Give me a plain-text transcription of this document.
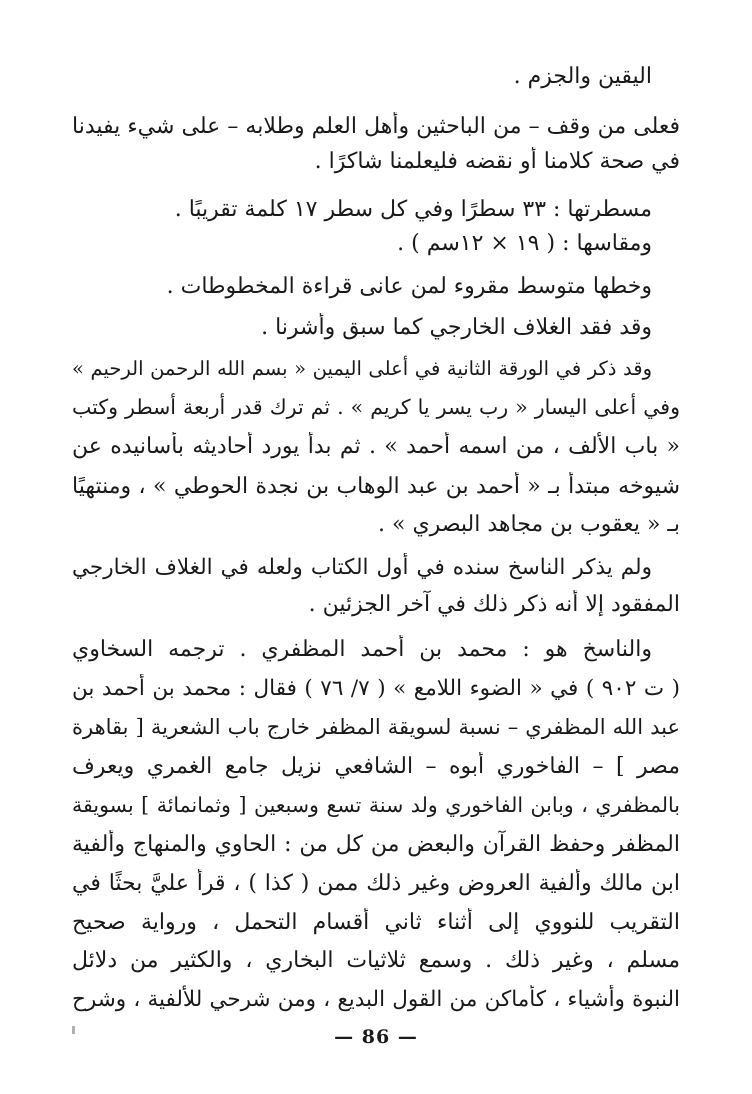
اليقين والجزم .
فعلى من وقف – من الباحثين وأهل العلم وطلابه – على شيء يفيدنا
في صحة كلامنا أو نقضه فليعلمنا شاكرًا .
مسطرتها : ٣٣ سطرًا وفي كل سطر ١٧ كلمة تقريبًا .
ومقاسها : ( ١٩ × ١٢سم ) .
وخطها متوسط مقروء لمن عانى قراءة المخطوطات .
وقد فقد الغلاف الخارجي كما سبق وأشرنا .
وقد ذكر في الورقة الثانية في أعلى اليمين « بسم الله الرحمن الرحيم »
وفي أعلى اليسار « رب يسر يا كريم » . ثم ترك قدر أربعة أسطر وكتب
« باب الألف ، من اسمه أحمد » . ثم بدأ يورد أحاديثه بأسانيده عن
شيوخه مبتدأ بـ « أحمد بن عبد الوهاب بن نجدة الحوطي » ، ومنتهيًا
بـ « يعقوب بن مجاهد البصري » .
ولم يذكر الناسخ سنده في أول الكتاب ولعله في الغلاف الخارجي
المفقود إلا أنه ذكر ذلك في آخر الجزئين .
والناسخ هو : محمد بن أحمد المظفري . ترجمه السخاوي
( ت ٩٠٢ ) في « الضوء اللامع » ( ٧/ ٧٦ ) فقال : محمد بن أحمد بن
عبد الله المظفري – نسبة لسويقة المظفر خارج باب الشعرية [ بقاهرة
مصر ] – الفاخوري أبوه – الشافعي نزيل جامع الغمري ويعرف
بالمظفري ، وبابن الفاخوري ولد سنة تسع وسبعين [ وثمانمائة ] بسويقة
المظفر وحفظ القرآن والبعض من كل من : الحاوي والمنهاج وألفية
ابن مالك وألفية العروض وغير ذلك ممن ( كذا ) ، قرأ عليَّ بحثًا في
التقريب للنووي إلى أثناء ثاني أقسام التحمل ، ورواية صحيح
مسلم ، وغير ذلك . وسمع ثلاثيات البخاري ، والكثير من دلائل
النبوة وأشياء ، كأماكن من القول البديع ، ومن شرحي للألفية ، وشرح
— 86 —
